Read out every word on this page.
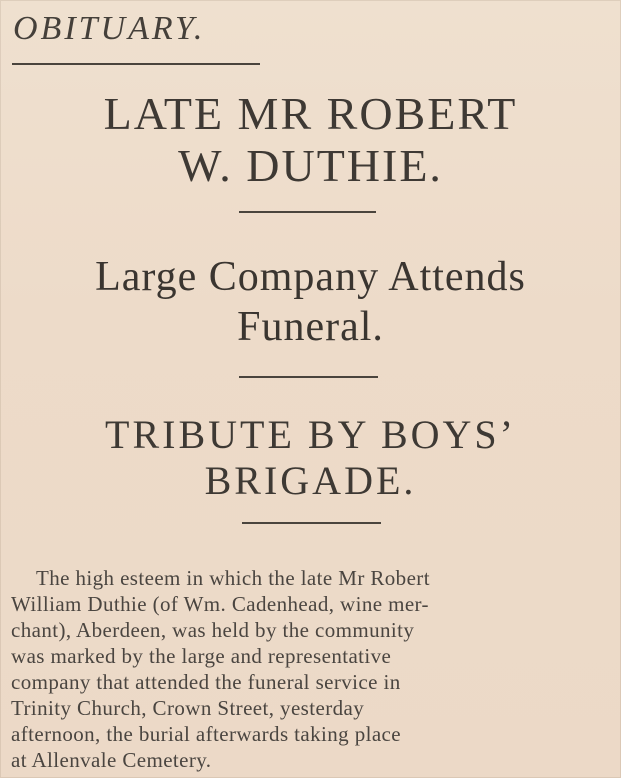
OBITUARY.
LATE MR ROBERT
W. DUTHIE.
Large Company Attends
Funeral.
TRIBUTE BY BOYS’
BRIGADE.
The high esteem in which the late Mr Robert
William Duthie (of Wm. Cadenhead, wine mer-
chant), Aberdeen, was held by the community
was marked by the large and representative
company that attended the funeral service in
Trinity Church, Crown Street, yesterday
afternoon, the burial afterwards taking place
at Allenvale Cemetery.
